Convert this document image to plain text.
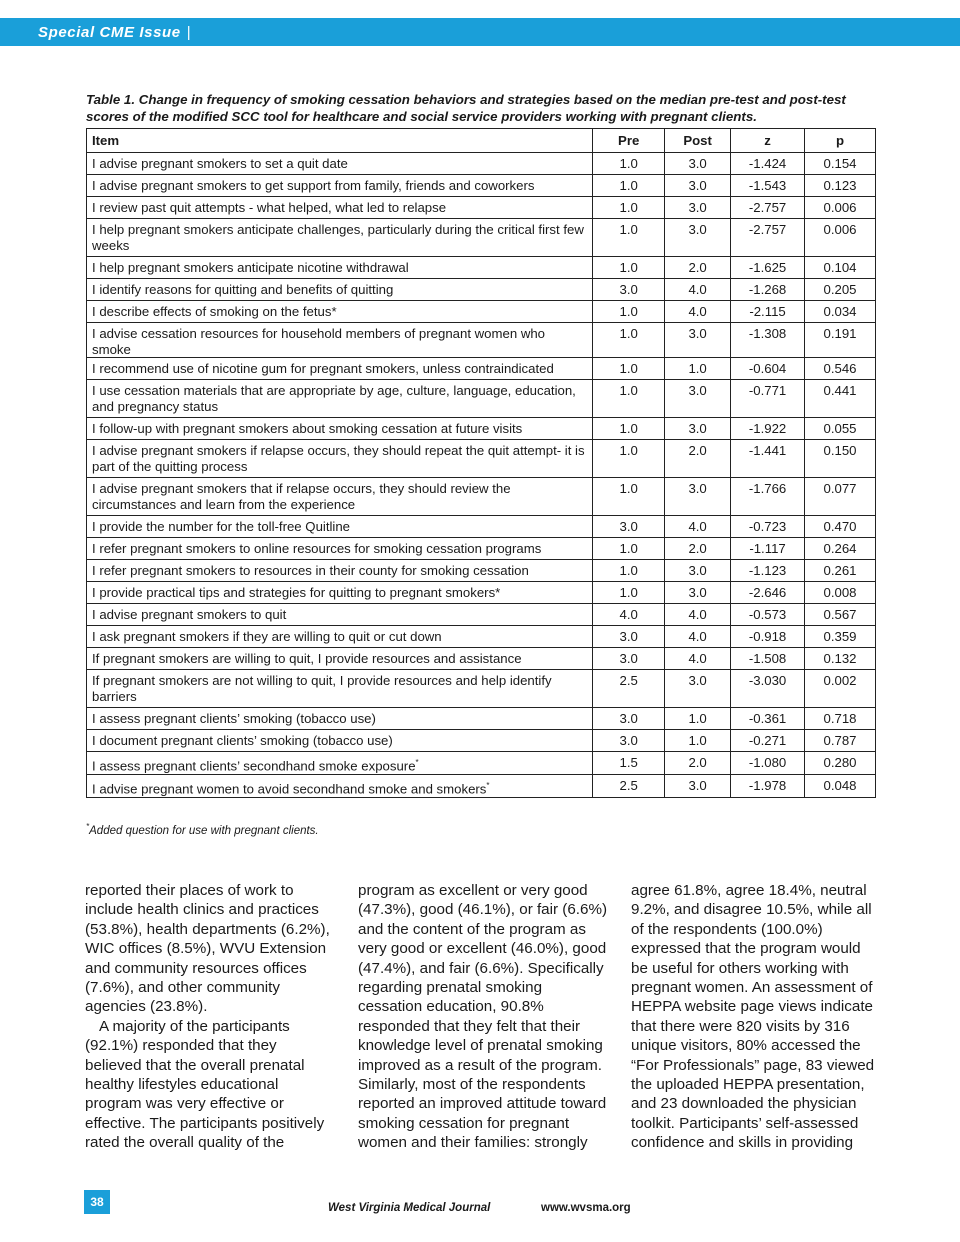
Special CME Issue |
Table 1. Change in frequency of smoking cessation behaviors and strategies based on the median pre-test and post-test scores of the modified SCC tool for healthcare and social service providers working with pregnant clients.
Item	Pre	Post	z	p
I advise pregnant smokers to set a quit date	1.0	3.0	-1.424	0.154
I advise pregnant smokers to get support from family, friends and coworkers	1.0	3.0	-1.543	0.123
I review past quit attempts - what helped, what led to relapse	1.0	3.0	-2.757	0.006
I help pregnant smokers anticipate challenges, particularly during the critical first few weeks	1.0	3.0	-2.757	0.006
I help pregnant smokers anticipate nicotine withdrawal	1.0	2.0	-1.625	0.104
I identify reasons for quitting and benefits of quitting	3.0	4.0	-1.268	0.205
I describe effects of smoking on the fetus*	1.0	4.0	-2.115	0.034
I advise cessation resources for household members of pregnant women who smoke	1.0	3.0	-1.308	0.191
I recommend use of nicotine gum for pregnant smokers, unless contraindicated	1.0	1.0	-0.604	0.546
I use cessation materials that are appropriate by age, culture, language, education, and pregnancy status	1.0	3.0	-0.771	0.441
I follow-up with pregnant smokers about smoking cessation at future visits	1.0	3.0	-1.922	0.055
I advise pregnant smokers if relapse occurs, they should repeat the quit attempt- it is part of the quitting process	1.0	2.0	-1.441	0.150
I advise pregnant smokers that if relapse occurs, they should review the circumstances and learn from the experience	1.0	3.0	-1.766	0.077
I provide the number for the toll-free Quitline	3.0	4.0	-0.723	0.470
I refer pregnant smokers to online resources for smoking cessation programs	1.0	2.0	-1.117	0.264
I refer pregnant smokers to resources in their county for smoking cessation	1.0	3.0	-1.123	0.261
I provide practical tips and strategies for quitting to pregnant smokers*	1.0	3.0	-2.646	0.008
I advise pregnant smokers to quit	4.0	4.0	-0.573	0.567
I ask pregnant smokers if they are willing to quit or cut down	3.0	4.0	-0.918	0.359
If pregnant smokers are willing to quit, I provide resources and assistance	3.0	4.0	-1.508	0.132
If pregnant smokers are not willing to quit, I provide resources and help identify barriers	2.5	3.0	-3.030	0.002
I assess pregnant clients’ smoking (tobacco use)	3.0	1.0	-0.361	0.718
I document pregnant clients’ smoking (tobacco use)	3.0	1.0	-0.271	0.787
I assess pregnant clients’ secondhand smoke exposure*	1.5	2.0	-1.080	0.280
I advise pregnant women to avoid secondhand smoke and smokers*	2.5	3.0	-1.978	0.048
*Added question for use with pregnant clients.

reported their places of work to include health clinics and practices (53.8%), health departments (6.2%), WIC offices (8.5%), WVU Extension and community resources offices (7.6%), and other community agencies (23.8%).

A majority of the participants (92.1%) responded that they believed that the overall prenatal healthy lifestyles educational program was very effective or effective. The participants positively rated the overall quality of the

program as excellent or very good (47.3%), good (46.1%), or fair (6.6%) and the content of the program as very good or excellent (46.0%), good (47.4%), and fair (6.6%). Specifically regarding prenatal smoking cessation education, 90.8% responded that they felt that their knowledge level of prenatal smoking improved as a result of the program. Similarly, most of the respondents reported an improved attitude toward smoking cessation for pregnant women and their families: strongly

agree 61.8%, agree 18.4%, neutral 9.2%, and disagree 10.5%, while all of the respondents (100.0%) expressed that the program would be useful for others working with pregnant women. An assessment of HEPPA website page views indicate that there were 820 visits by 316 unique visitors, 80% accessed the “For Professionals” page, 83 viewed the uploaded HEPPA presentation, and 23 downloaded the physician toolkit. Participants’ self-assessed confidence and skills in providing

38	West Virginia Medical Journal	www.wvsma.org
